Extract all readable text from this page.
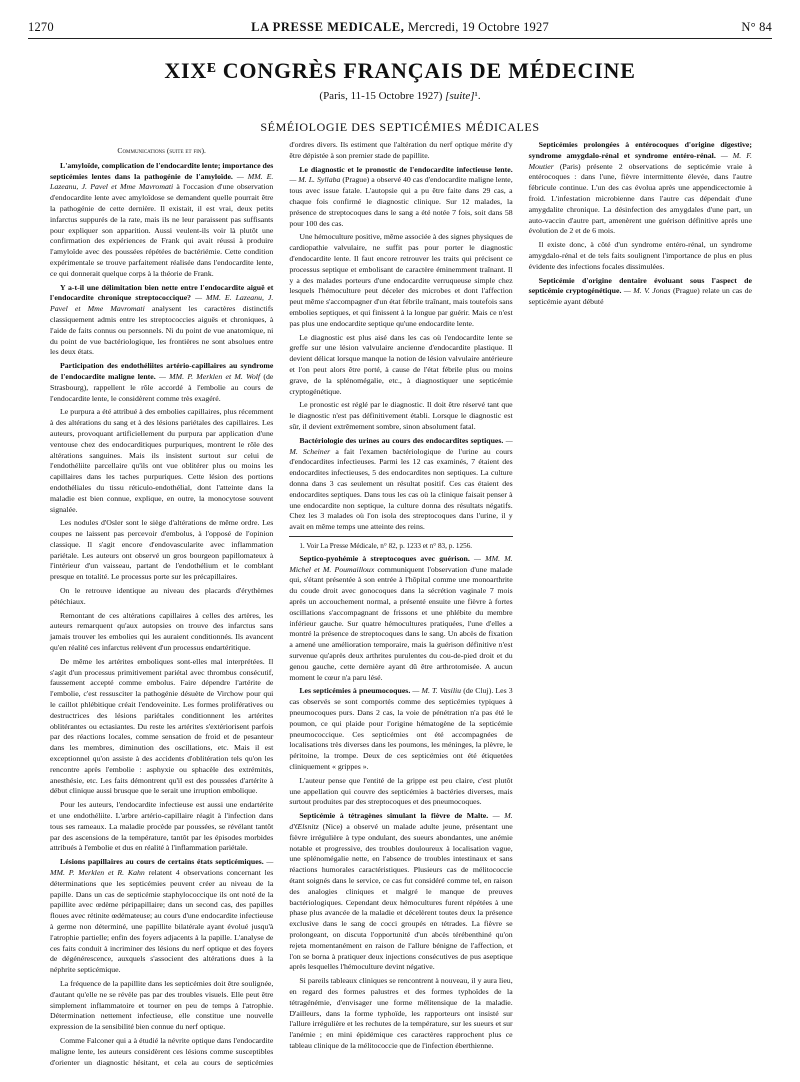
1270	LA PRESSE MEDICALE, Mercredi, 19 Octobre 1927	N° 84
XIXᴱ CONGRÈS FRANÇAIS DE MÉDECINE
(Paris, 11-15 Octobre 1927) [suite]¹.
SÉMÉIOLOGIE DES SEPTICÉMIES MÉDICALES

Communications (suite et fin).

L'amyloïde, complication de l'endocardite lente; importance des septicémies lentes dans la pathogénie de l'amyloïde. — MM. E. Lazeanu, J. Pavel et Mme Mavromati à l'occasion d'une observation d'endocardite lente avec amyloïdose se demandent quelle pourrait être la pathogénie de cette dernière. Il existait, il est vrai, deux petits infarctus suppurés de la rate, mais ils ne leur paraissent pas suffisants pour expliquer son apparition. Aussi veulent-ils voir là plutôt une confirmation des expériences de Frank qui avait réussi à produire l'amyloïde avec des poussées répétées de bactériémie. Cette condition expérimentale se trouve parfaitement réalisée dans l'endocardite lente, ce qui donnerait quelque corps à la théorie de Frank.

Y a-t-il une délimitation bien nette entre l'endocardite aiguë et l'endocardite chronique streptococcique? — MM. E. Lazeanu, J. Pavel et Mme Mavromati analysent les caractères distinctifs classiquement admis entre les streptococcies aiguës et chroniques, à l'aide de faits connus ou personnels. Ni du point de vue anatomique, ni du point de vue bactériologique, les frontières ne sont absolues entre les deux états.

Participation des endothéliites artério-capillaires au syndrome de l'endocardite maligne lente. — MM. P. Merklen et M. Wolf (de Strasbourg), rappellent le rôle accordé à l'embolie au cours de l'endocardite lente, le considèrent comme très exagéré.

Le purpura a été attribué à des embolies capillaires, plus récemment à des altérations du sang et à des lésions pariétales des capillaires. Les auteurs, provoquant artificiellement du purpura par application d'une ventouse chez des endocarditiques purpuriques, montrent le rôle des altérations sanguines. Mais ils insistent surtout sur celui de l'endothéliite parcellaire qu'ils ont vue oblitérer plus ou moins les capillaires dans les taches purpuriques. Cette lésion des portions endothéliales du tissu réticulo-endothélial, dont l'atteinte dans la maladie est bien connue, explique, en outre, la monocytose souvent signalée.

Les nodules d'Osler sont le siège d'altérations de même ordre. Les coupes ne laissent pas percevoir d'embolus, à l'opposé de l'opinion classique. Il s'agit encore d'endovascularite avec inflammation pariétale. Les auteurs ont observé un gros bourgeon papillomateux à l'intérieur d'un vaisseau, partant de l'endothélium et le comblant presque en totalité. Le processus porte sur les précapillaires.

On le retrouve identique au niveau des placards d'érythèmes pétéchiaux.

Remontant de ces altérations capillaires à celles des artères, les auteurs remarquent qu'aux autopsies on trouve des infarctus sans jamais trouver les embolies qui les auraient conditionnés. Ils avancent qu'en réalité ces infarctus relèvent d'un processus endartéritique.

De même les artérites emboliques sont-elles mal interprétées. Il s'agit d'un processus primitivement pariétal avec thrombus consécutif, faussement accepté comme embolus. Faire dépendre l'artérite de l'embolie, c'est ressusciter la pathogénie désuète de Virchow pour qui le caillot phlébitique créait l'endoveinite. Les formes prolifératives ou destructrices des lésions pariétales conditionnent les artérites oblitérantes ou ectasiantes. Du reste les artérites s'extériorisent parfois par des réactions locales, comme sensation de froid et de pesanteur dans les membres, diminution des oscillations, etc. Mais il est exceptionnel qu'on assiste à des accidents d'oblitération tels qu'on les rencontre après l'embolie : asphyxie ou sphacèle des extrémités, anesthésie, etc. Les faits démontrent qu'il est des poussées d'artérite à début clinique aussi brusque que le serait une irruption embolique.

Pour les auteurs, l'endocardite infectieuse est aussi une endartérite et une endothéliite. L'arbre artério-capillaire réagit à l'infection dans tous ses rameaux. La maladie procède par poussées, se révélant tantôt par des ascensions de la température, tantôt par les épisodes morbides attribués à l'embolie et dus en réalité à l'inflammation pariétale.

Lésions papillaires au cours de certains états septicémiques. — MM. P. Merklen et R. Kahn relatent 4 observations concernant les déterminations que les septicémies peuvent créer au niveau de la papille. Dans un cas de septicémie staphylococcique ils ont noté de la papillite avec œdème péripapillaire; dans un second cas, des papilles floues avec rétinite œdémateuse; au cours d'une endocardite infectieuse à germe non déterminé, une papillite bilatérale ayant évolué jusqu'à l'atrophie partielle; enfin des foyers adjacents à la papille. L'analyse de ces faits conduit à incriminer des lésions du nerf optique et des foyers de dégénérescence, auxquels s'associent des altérations dues à la néphrite septicémique.

La fréquence de la papillite dans les septicémies doit être soulignée, d'autant qu'elle ne se révèle pas par des troubles visuels. Elle peut être simplement inflammatoire et tourner en peu de temps à l'atrophie. Détermination nettement infectieuse, elle constitue une nouvelle expression de la sensibilité bien connue du nerf optique.

Comme Falconer qui a à étudié la névrite optique dans l'endocardite maligne lente, les auteurs considèrent ces lésions comme susceptibles d'orienter un diagnostic hésitant, et cela au cours de septicémies d'ordres divers. Ils estiment que l'altération du nerf optique mérite d'y être dépistée à son premier stade de papillite.

Le diagnostic et le pronostic de l'endocardite infectieuse lente. — M. L. Syllaba (Prague) a observé 40 cas d'endocardite maligne lente, tous avec issue fatale. L'autopsie qui a pu être faite dans 29 cas, a chaque fois confirmé le diagnostic clinique. Sur 12 malades, la présence de streptocoques dans le sang a été notée 7 fois, soit dans 58 pour 100 des cas.

Une hémoculture positive, même associée à des signes physiques de cardiopathie valvulaire, ne suffit pas pour porter le diagnostic d'endocardite lente. Il faut encore retrouver les traits qui précisent ce processus septique et embolisant de caractère éminemment traînant. Il y a des malades porteurs d'une endocardite verruqueuse simple chez lesquels l'hémoculture peut déceler des microbes et dont l'affection peut même s'accompagner d'un état fébrile traînant, mais toutefois sans embolies septiques, et qui finissent à la longue par guérir. Mais ce n'est pas plus une endocardite septique qu'une endocardite lente.

Le diagnostic est plus aisé dans les cas où l'endocardite lente se greffe sur une lésion valvulaire ancienne d'endocardite plastique. Il devient délicat lorsque manque la notion de lésion valvulaire antérieure et l'on peut alors être porté, à cause de l'état fébrile plus ou moins grave, de la splénomégalie, etc., à diagnostiquer une septicémie cryptogénétique.

Le pronostic est réglé par le diagnostic. Il doit être réservé tant que le diagnostic n'est pas définitivement établi. Lorsque le diagnostic est sûr, il devient extrêmement sombre, sinon absolument fatal.

Bactériologie des urines au cours des endocardites septiques. — M. Scheiner a fait l'examen bactériologique de l'urine au cours d'endocardites infectieuses. Parmi les 12 cas examinés, 7 étaient des endocardites infectieuses, 5 des endocardites non septiques. La culture donna dans 3 cas seulement un résultat positif. Ces cas étaient des endocardites septiques. Dans tous les cas où la clinique faisait penser à une endocardite non septique, la culture donna des résultats négatifs. Chez les 3 malades où l'on isola des streptocoques dans l'urine, il y avait en même temps une atteinte des reins.

1. Voir La Presse Médicale, n° 82, p. 1233 et n° 83, p. 1256.

Septico-pyohémie à streptocoques avec guérison. — MM. M. Michel et M. Poumailloux communiquent l'observation d'une malade qui, s'étant présentée à son entrée à l'hôpital comme une monoarthrite du coude droit avec gonocoques dans la sécrétion vaginale 7 mois après un accouchement normal, a présenté ensuite une fièvre à fortes oscillations s'accompagnant de frissons et une phlébite du membre inférieur gauche. Sur quatre hémocultures pratiquées, l'une d'elles a montré la présence de streptocoques dans le sang. Un abcès de fixation a amené une amélioration temporaire, mais la guérison définitive n'est survenue qu'après deux arthrites purulentes du cou-de-pied droit et du genou gauche, cette dernière ayant dû être arthrotomisée. A aucun moment le cœur n'a paru lésé.

Les septicémies à pneumocoques. — M. T. Vasiliu (de Cluj). Les 3 cas observés se sont comportés comme des septicémies typiques à pneumocoques purs. Dans 2 cas, la voie de pénétration n'a pas été le poumon, ce qui plaide pour l'origine hématogène de la septicémie pneumococcique. Ces septicémies ont été accompagnées de localisations très diverses dans les poumons, les méninges, la plèvre, le péritoine, la trompe. Deux de ces septicémies ont été étiquetées cliniquement « grippes ».

L'auteur pense que l'entité de la grippe est peu claire, c'est plutôt une appellation qui couvre des septicémies à bactéries diverses, mais surtout produites par des streptocoques et des pneumocoques.

Septicémie à tétragènes simulant la fièvre de Malte. — M. d'Œlsnitz (Nice) a observé un malade adulte jeune, présentant une fièvre irrégulière à type ondulant, des sueurs abondantes, une anémie notable et progressive, des troubles douloureux à localisation vague, une splénomégalie nette, en l'absence de troubles intestinaux et sans réactions humorales caractéristiques. Plusieurs cas de mélitococcie étant soignés dans le service, ce cas fut considéré comme tel, en raison des analogies cliniques et malgré le manque de preuves bactériologiques. Cependant deux hémocultures furent répétées à une phase plus avancée de la maladie et décelèrent toutes deux la présence exclusive dans le sang de cocci groupés en tétrades. La fièvre se prolongeant, on discuta l'opportunité d'un abcès térébenthiné qu'on rejeta momentanément en raison de l'allure bénigne de l'affection, et l'on se borna à pratiquer deux injections consécutives de pus aseptique après lesquelles l'hémoculture devint négative.

Si pareils tableaux cliniques se rencontrent à nouveau, il y aura lieu, en regard des formes palustres et des formes typhoïdes de la tétragénémie, d'envisager une forme mélitensique de la maladie. D'ailleurs, dans la forme typhoïde, les rapporteurs ont insisté sur l'allure irrégulière et les rechutes de la température, sur les sueurs et sur l'anémie ; en mini épidémique ces caractères rapprochent plus ce tableau clinique de la mélitococcie que de l'infection éberthienne.

Septicémies prolongées à entérocoques d'origine digestive; syndrome amygdalo-rénal et syndrome entéro-rénal. — M. F. Moutier (Paris) présente 2 observations de septicémie vraie à entérocoques : dans l'une, fièvre intermittente élevée, dans l'autre fébricule continue. L'un des cas évolua après une appendicectomie à froid. L'infestation microbienne dans l'autre cas dépendait d'une amygdalite chronique. La désinfection des amygdales d'une part, un auto-vaccin d'autre part, amenèrent une guérison définitive après une évolution de 2 et de 6 mois.

Il existe donc, à côté d'un syndrome entéro-rénal, un syndrome amygdalo-rénal et de tels faits soulignent l'importance de plus en plus évidente des infections focales dissimulées.

Septicémie d'origine dentaire évoluant sous l'aspect de septicémie cryptogénétique. — M. V. Jonas (Prague) relate un cas de septicémie ayant débuté
